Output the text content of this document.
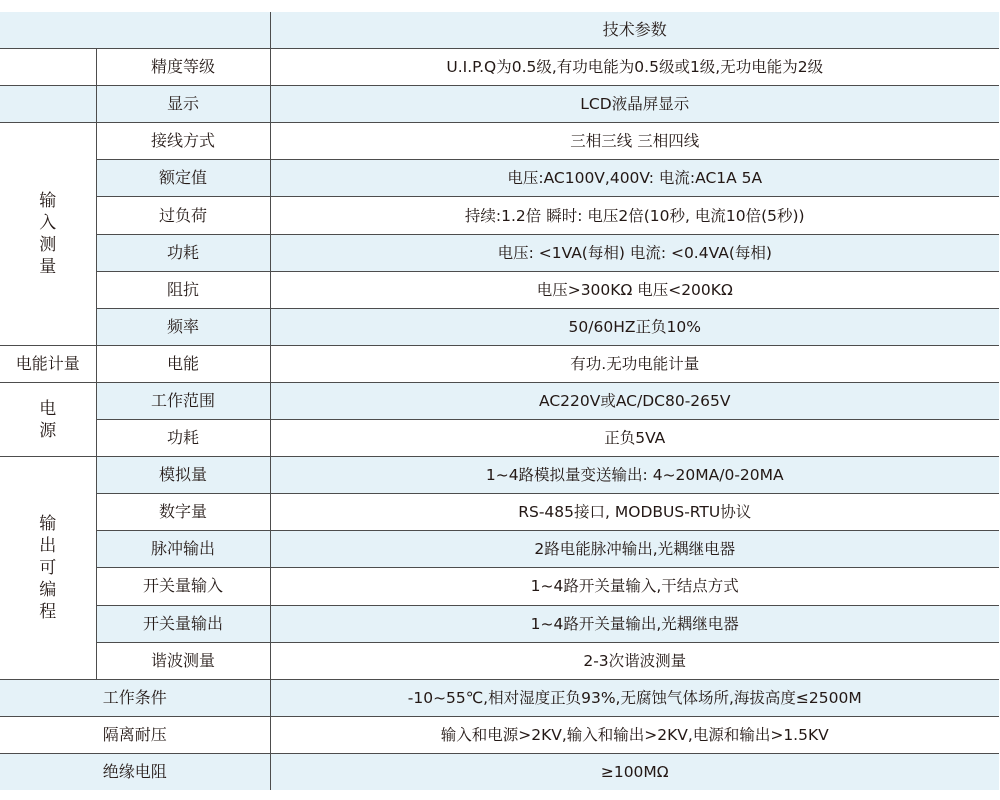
		技术参数
	精度等级	U.I.P.Q为0.5级,有功电能为0.5级或1级,无功电能为2级
	显示	LCD液晶屏显示

输
入
测
量	接线方式	三相三线 三相四线
	额定值	电压:AC100V,400V: 电流:AC1A 5A
	过负荷	持续:1.2倍 瞬时: 电压2倍(10秒, 电流10倍(5秒))
	功耗	电压: <1VA(每相) 电流: <0.4VA(每相)
	阻抗	电压>300KΩ 电压<200KΩ
	频率	50/60HZ正负10%
电能计量	电能	有功.无功电能计量

电
源	工作范围	AC220V或AC/DC80-265V
	功耗	正负5VA

输
出
可
编
程	模拟量	1~4路模拟量变送输出: 4~20MA/0-20MA
	数字量	RS-485接口, MODBUS-RTU协议
	脉冲输出	2路电能脉冲输出,光耦继电器
	开关量输入	1~4路开关量输入,干结点方式
	开关量输出	1~4路开关量输出,光耦继电器
	谐波测量	2-3次谐波测量
工作条件		-10~55℃,相对湿度正负93%,无腐蚀气体场所,海拔高度≤2500M
隔离耐压		输入和电源>2KV,输入和输出>2KV,电源和输出>1.5KV
绝缘电阻		≥100MΩ
